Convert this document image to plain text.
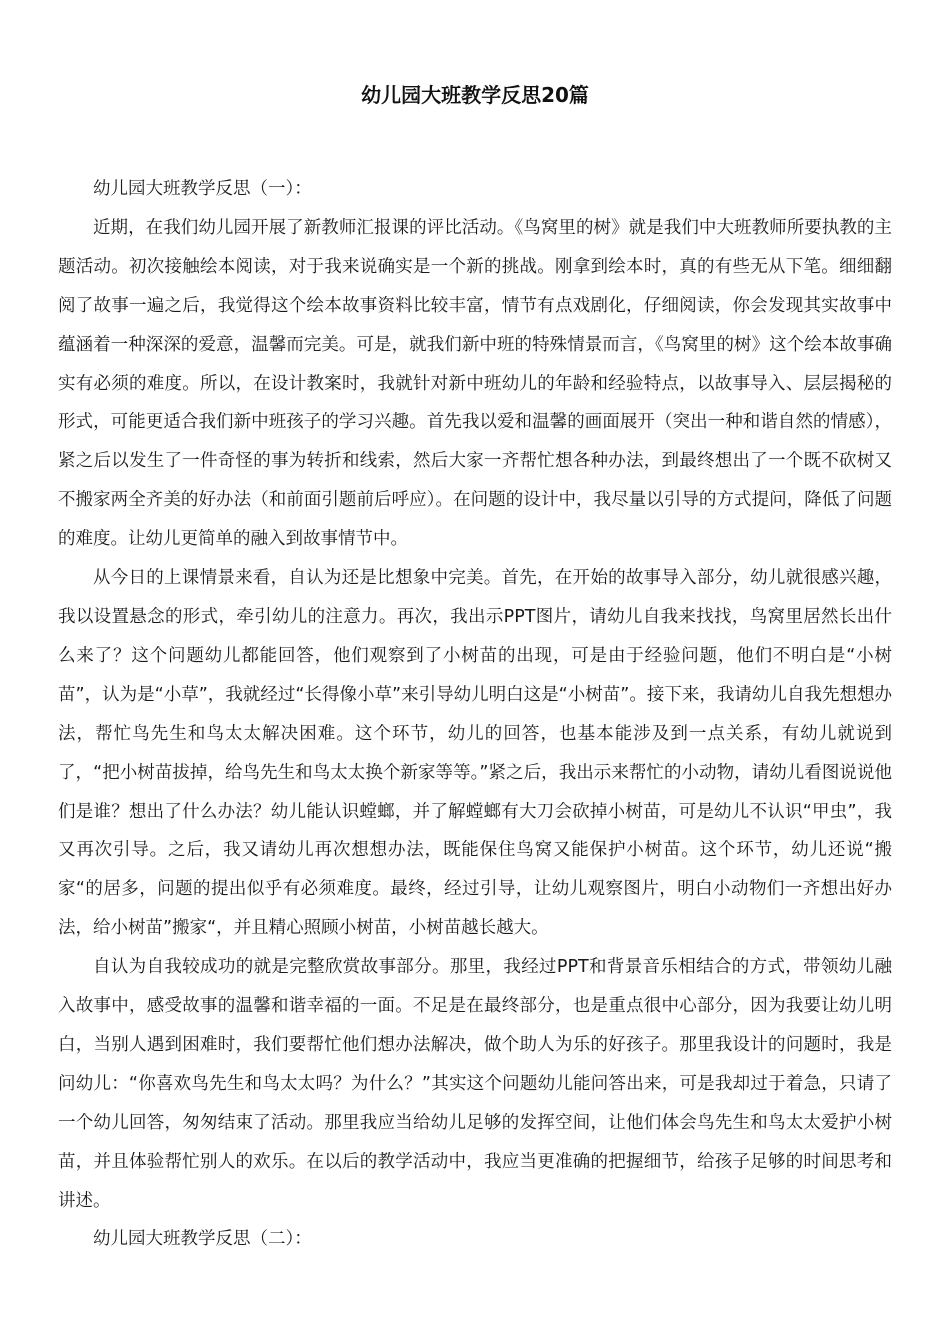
幼儿园大班教学反思20篇

幼儿园大班教学反思（一）：

近期，在我们幼儿园开展了新教师汇报课的评比活动。《鸟窝里的树》就是我们中大班教师所要执教的主题活动。初次接触绘本阅读，对于我来说确实是一个新的挑战。刚拿到绘本时，真的有些无从下笔。细细翻阅了故事一遍之后，我觉得这个绘本故事资料比较丰富，情节有点戏剧化，仔细阅读，你会发现其实故事中蕴涵着一种深深的爱意，温馨而完美。可是，就我们新中班的特殊情景而言，《鸟窝里的树》这个绘本故事确实有必须的难度。所以，在设计教案时，我就针对新中班幼儿的年龄和经验特点，以故事导入、层层揭秘的形式，可能更适合我们新中班孩子的学习兴趣。首先我以爱和温馨的画面展开（突出一种和谐自然的情感），紧之后以发生了一件奇怪的事为转折和线索，然后大家一齐帮忙想各种办法，到最终想出了一个既不砍树又不搬家两全齐美的好办法（和前面引题前后呼应）。在问题的设计中，我尽量以引导的方式提问，降低了问题的难度。让幼儿更简单的融入到故事情节中。

从今日的上课情景来看，自认为还是比想象中完美。首先，在开始的故事导入部分，幼儿就很感兴趣，我以设置悬念的形式，牵引幼儿的注意力。再次，我出示PPT图片，请幼儿自我来找找，鸟窝里居然长出什么来了？这个问题幼儿都能回答，他们观察到了小树苗的出现，可是由于经验问题，他们不明白是“小树苗”，认为是“小草”，我就经过“长得像小草”来引导幼儿明白这是“小树苗”。接下来，我请幼儿自我先想想办法，帮忙鸟先生和鸟太太解决困难。这个环节，幼儿的回答，也基本能涉及到一点关系，有幼儿就说到了，“把小树苗拔掉，给鸟先生和鸟太太换个新家等等。”紧之后，我出示来帮忙的小动物，请幼儿看图说说他们是谁？想出了什么办法？幼儿能认识螳螂，并了解螳螂有大刀会砍掉小树苗，可是幼儿不认识“甲虫”，我又再次引导。之后，我又请幼儿再次想想办法，既能保住鸟窝又能保护小树苗。这个环节，幼儿还说“搬家“的居多，问题的提出似乎有必须难度。最终，经过引导，让幼儿观察图片，明白小动物们一齐想出好办法，给小树苗”搬家“，并且精心照顾小树苗，小树苗越长越大。

自认为自我较成功的就是完整欣赏故事部分。那里，我经过PPT和背景音乐相结合的方式，带领幼儿融入故事中，感受故事的温馨和谐幸福的一面。不足是在最终部分，也是重点很中心部分，因为我要让幼儿明白，当别人遇到困难时，我们要帮忙他们想办法解决，做个助人为乐的好孩子。那里我设计的问题时，我是问幼儿：“你喜欢鸟先生和鸟太太吗？为什么？”其实这个问题幼儿能问答出来，可是我却过于着急，只请了一个幼儿回答，匆匆结束了活动。那里我应当给幼儿足够的发挥空间，让他们体会鸟先生和鸟太太爱护小树苗，并且体验帮忙别人的欢乐。在以后的教学活动中，我应当更准确的把握细节，给孩子足够的时间思考和讲述。

幼儿园大班教学反思（二）：
